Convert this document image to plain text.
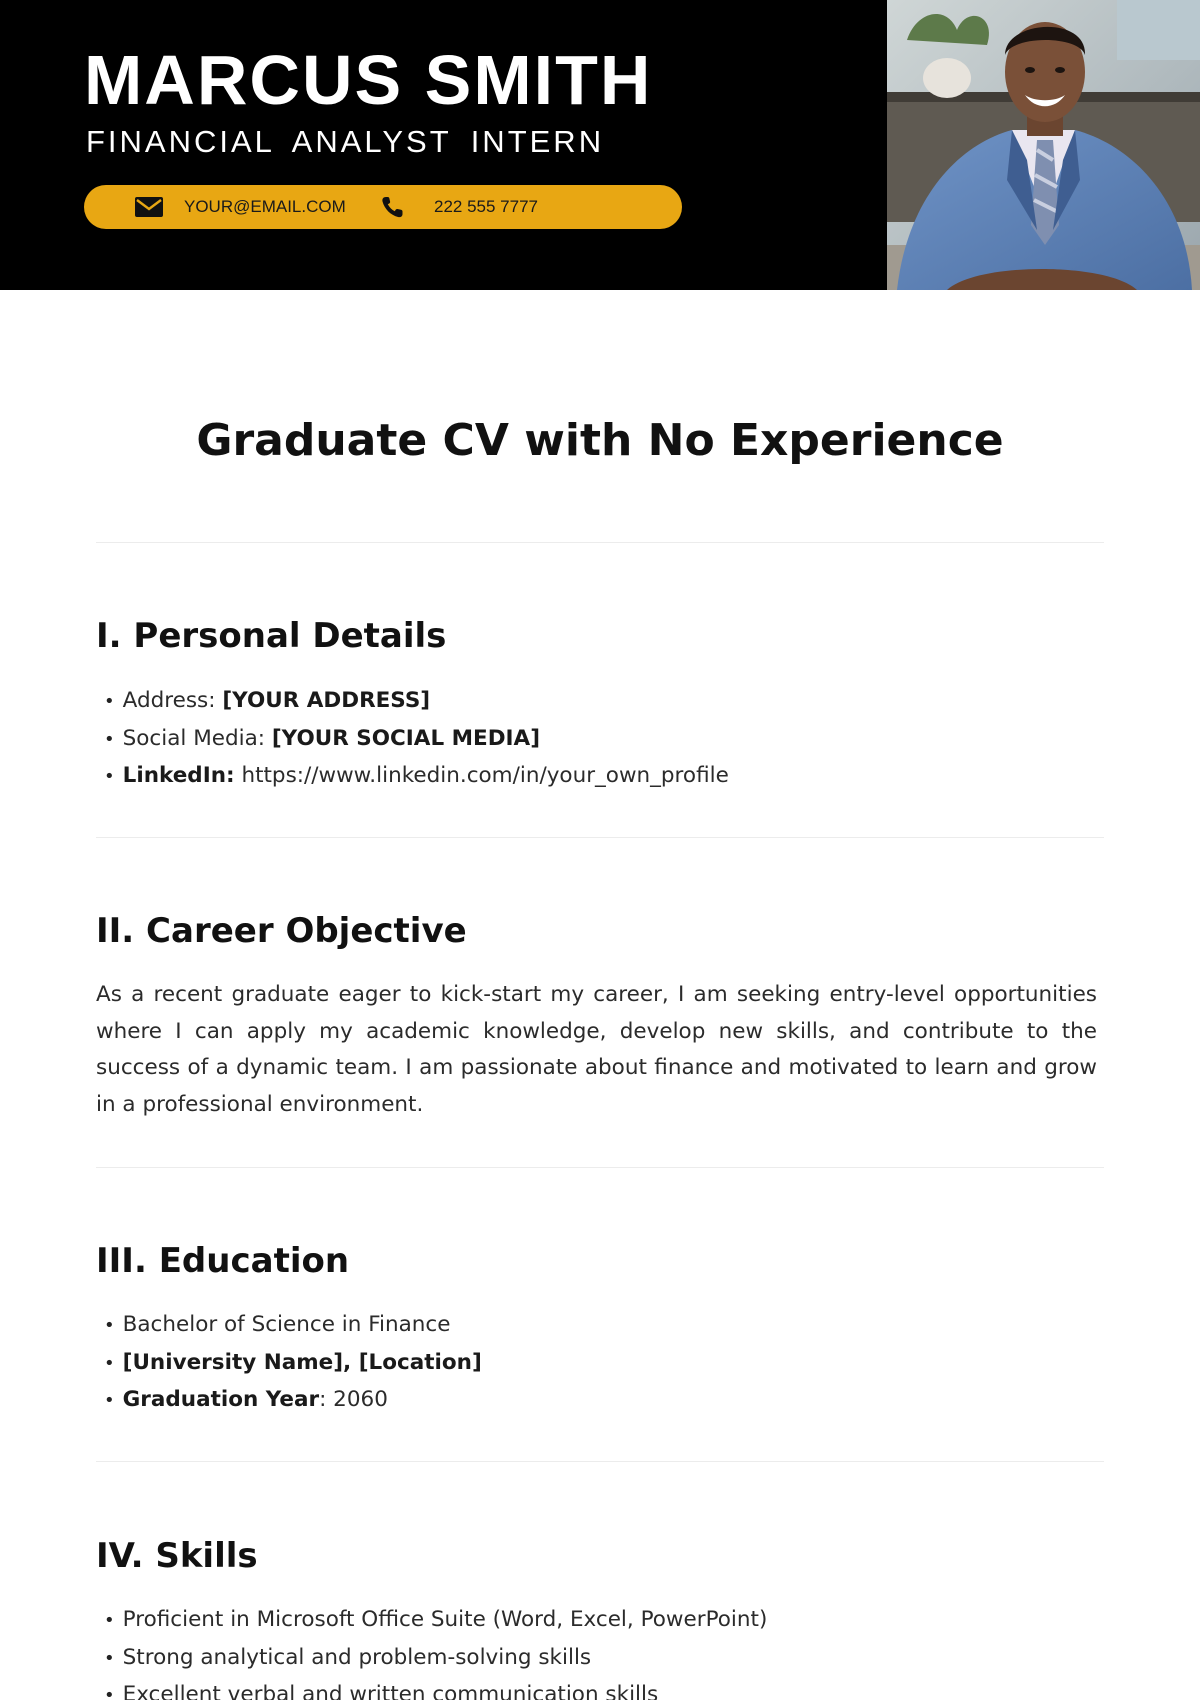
MARCUS SMITH
FINANCIAL ANALYST INTERN
YOUR@EMAIL.COM	222 555 7777
Graduate CV with No Experience
I. Personal Details
• Address: [YOUR ADDRESS]
• Social Media: [YOUR SOCIAL MEDIA]
• LinkedIn: https://www.linkedin.com/in/your_own_profile
II. Career Objective

As a recent graduate eager to kick-start my career, I am seeking entry-level opportunities where I can apply my academic knowledge, develop new skills, and contribute to the success of a dynamic team. I am passionate about finance and motivated to learn and grow in a professional environment.

III. Education
• Bachelor of Science in Finance
• [University Name], [Location]
• Graduation Year: 2060
IV. Skills
• Proficient in Microsoft Office Suite (Word, Excel, PowerPoint)
• Strong analytical and problem-solving skills
• Excellent verbal and written communication skills
